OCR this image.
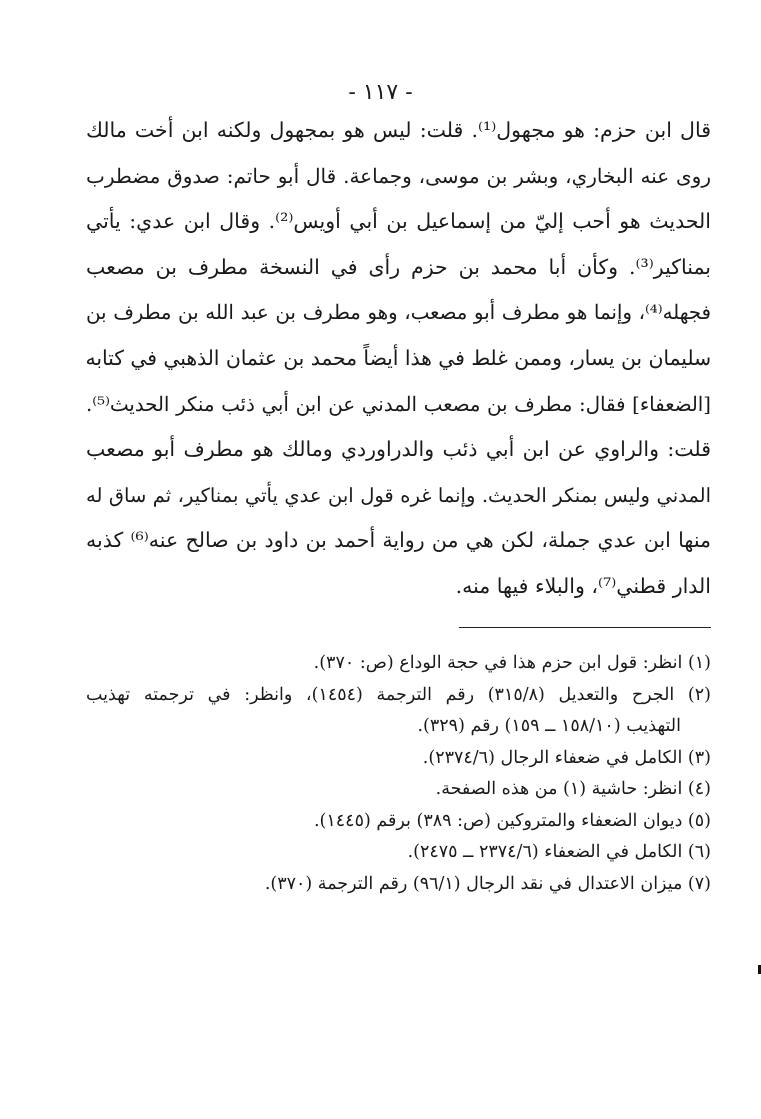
- ١١٧ -
قال ابن حزم: هو مجهول⁽¹⁾. قلت: ليس هو بمجهول ولكنه ابن أخت مالك
روى عنه البخاري، وبشر بن موسى، وجماعة. قال أبو حاتم: صدوق مضطرب
الحديث هو أحب إليّ من إسماعيل بن أبي أويس⁽²⁾. وقال ابن عدي: يأتي
بمناكير⁽³⁾. وكأن أبا محمد بن حزم رأى في النسخة مطرف بن مصعب
فجهله⁽⁴⁾، وإنما هو مطرف أبو مصعب، وهو مطرف بن عبد الله بن مطرف بن
سليمان بن يسار، وممن غلط في هذا أيضاً محمد بن عثمان الذهبي في كتابه
[الضعفاء] فقال: مطرف بن مصعب المدني عن ابن أبي ذئب منكر الحديث⁽⁵⁾.
قلت: والراوي عن ابن أبي ذئب والدراوردي ومالك هو مطرف أبو مصعب
المدني وليس بمنكر الحديث. وإنما غره قول ابن عدي يأتي بمناكير، ثم ساق له
منها ابن عدي جملة، لكن هي من رواية أحمد بن داود بن صالح عنه⁽⁶⁾ كذبه
الدار قطني⁽⁷⁾، والبلاء فيها منه.
(١) انظر: قول ابن حزم هذا في حجة الوداع (ص: ٣٧٠).
(٢) الجرح والتعديل (٣١٥/٨) رقم الترجمة (١٤٥٤)، وانظر: في ترجمته تهذيب
التهذيب (١٥٨/١٠ ــ ١٥٩) رقم (٣٢٩).
(٣) الكامل في ضعفاء الرجال (٢٣٧٤/٦).
(٤) انظر: حاشية (١) من هذه الصفحة.
(٥) ديوان الضعفاء والمتروكين (ص: ٣٨٩) برقم (١٤٤٥).
(٦) الكامل في الضعفاء (٢٣٧٤/٦ ــ ٢٤٧٥).
(٧) ميزان الاعتدال في نقد الرجال (٩٦/١) رقم الترجمة (٣٧٠).
